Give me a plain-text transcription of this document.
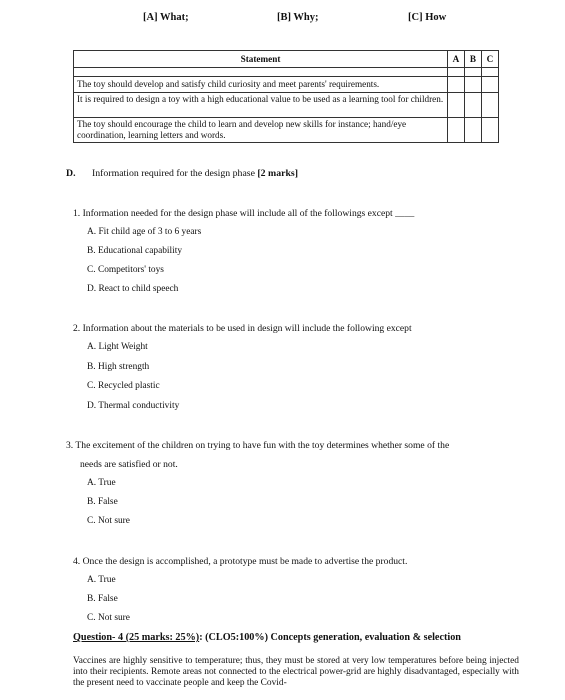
[A] What;	[B] Why;	[C] How
Statement	A	B	C

The toy should develop and satisfy child curiosity and meet parents' requirements.			
It is required to design a toy with a high educational value to be used as a learning tool for children.			
The toy should encourage the child to learn and develop new skills for instance; hand/eye coordination, learning letters and words.			
D. Information required for the design phase [2 marks]
1. Information needed for the design phase will include all of the followings except ____
A. Fit child age of 3 to 6 years
B. Educational capability
C. Competitors' toys
D. React to child speech
2. Information about the materials to be used in design will include the following except
A. Light Weight
B. High strength
C. Recycled plastic
D. Thermal conductivity
3. The excitement of the children on trying to have fun with the toy determines whether some of the
needs are satisfied or not.
A. True
B. False
C. Not sure
4. Once the design is accomplished, a prototype must be made to advertise the product.
A. True
B. False
C. Not sure
Question- 4 (25 marks: 25%): (CLO5:100%) Concepts generation, evaluation & selection
Vaccines are highly sensitive to temperature; thus, they must be stored at very low temperatures before being injected into their recipients. Remote areas not connected to the electrical power-grid are highly disadvantaged, especially with the present need to vaccinate people and keep the Covid-
